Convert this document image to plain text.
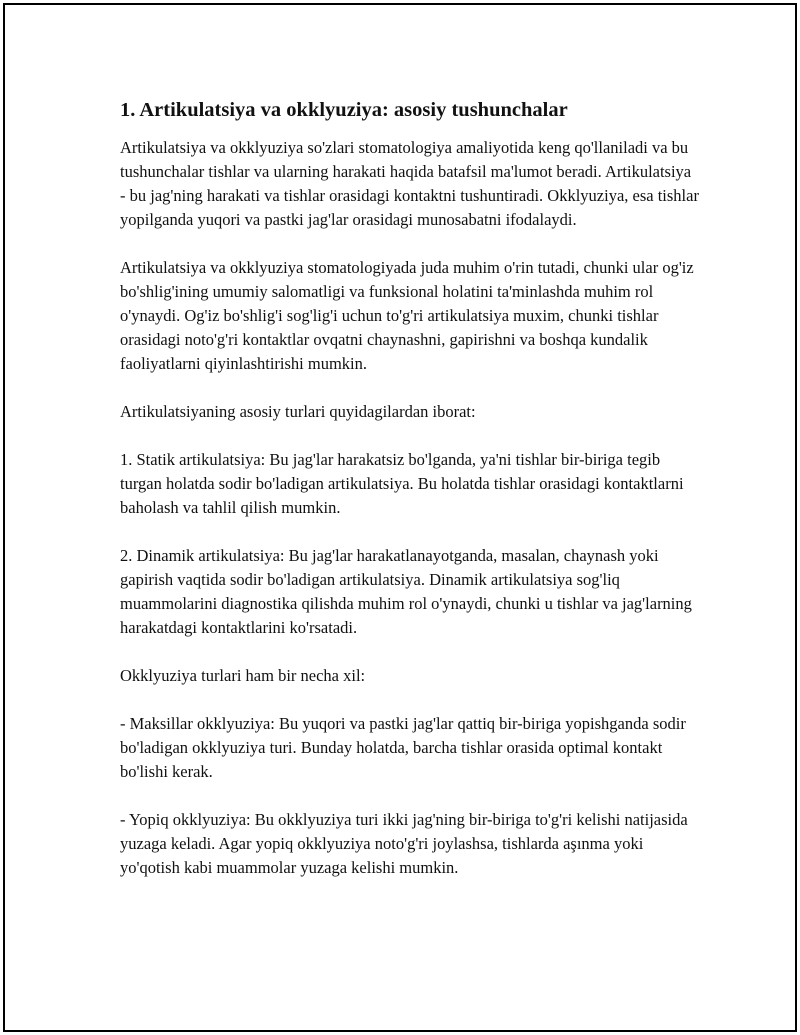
1. Artikulatsiya va okklyuziya: asosiy tushunchalar

Artikulatsiya va okklyuziya so'zlari stomatologiya amaliyotida keng qo'llaniladi va bu tushunchalar tishlar va ularning harakati haqida batafsil ma'lumot beradi. Artikulatsiya - bu jag'ning harakati va tishlar orasidagi kontaktni tushuntiradi. Okklyuziya, esa tishlar yopilganda yuqori va pastki jag'lar orasidagi munosabatni ifodalaydi.

Artikulatsiya va okklyuziya stomatologiyada juda muhim o'rin tutadi, chunki ular og'iz bo'shlig'ining umumiy salomatligi va funksional holatini ta'minlashda muhim rol o'ynaydi. Og'iz bo'shlig'i sog'lig'i uchun to'g'ri artikulatsiya muxim, chunki tishlar orasidagi noto'g'ri kontaktlar ovqatni chaynashni, gapirishni va boshqa kundalik faoliyatlarni qiyinlashtirishi mumkin.

Artikulatsiyaning asosiy turlari quyidagilardan iborat:

1. Statik artikulatsiya: Bu jag'lar harakatsiz bo'lganda, ya'ni tishlar bir-biriga tegib turgan holatda sodir bo'ladigan artikulatsiya. Bu holatda tishlar orasidagi kontaktlarni baholash va tahlil qilish mumkin.

2. Dinamik artikulatsiya: Bu jag'lar harakatlanayotganda, masalan, chaynash yoki gapirish vaqtida sodir bo'ladigan artikulatsiya. Dinamik artikulatsiya sog'liq muammolarini diagnostika qilishda muhim rol o'ynaydi, chunki u tishlar va jag'larning harakatdagi kontaktlarini ko'rsatadi.

Okklyuziya turlari ham bir necha xil:

- Maksillar okklyuziya: Bu yuqori va pastki jag'lar qattiq bir-biriga yopishganda sodir bo'ladigan okklyuziya turi. Bunday holatda, barcha tishlar orasida optimal kontakt bo'lishi kerak.

- Yopiq okklyuziya: Bu okklyuziya turi ikki jag'ning bir-biriga to'g'ri kelishi natijasida yuzaga keladi. Agar yopiq okklyuziya noto'g'ri joylashsa, tishlarda aşınma yoki yo'qotish kabi muammolar yuzaga kelishi mumkin.
